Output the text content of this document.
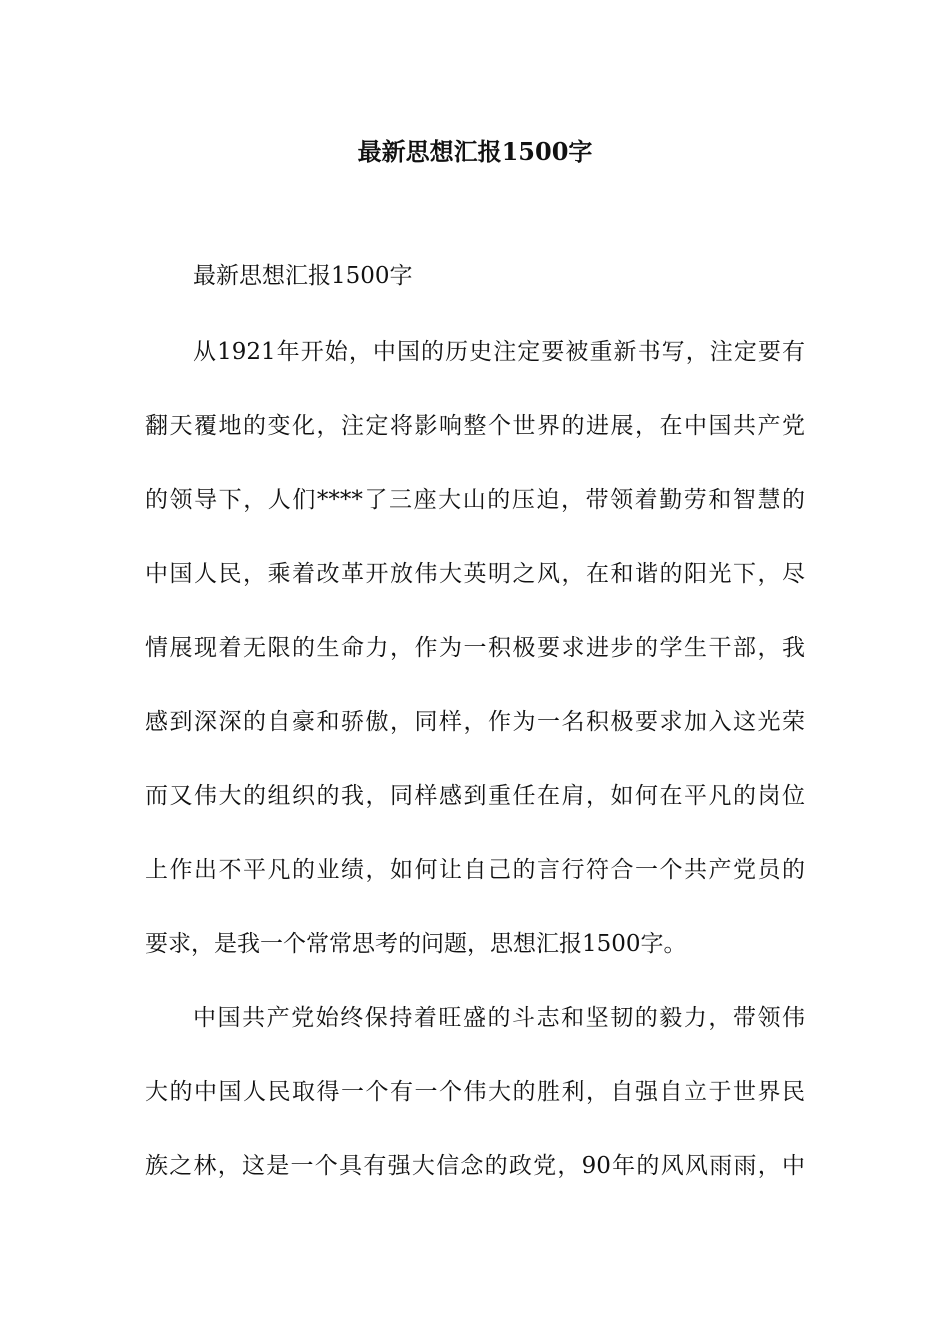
最新思想汇报1500字
最新思想汇报1500字
从1921年开始，中国的历史注定要被重新书写，注定要有
翻天覆地的变化，注定将影响整个世界的进展，在中国共产党
的领导下，人们****了三座大山的压迫，带领着勤劳和智慧的
中国人民，乘着改革开放伟大英明之风，在和谐的阳光下，尽
情展现着无限的生命力，作为一积极要求进步的学生干部，我
感到深深的自豪和骄傲，同样，作为一名积极要求加入这光荣
而又伟大的组织的我，同样感到重任在肩，如何在平凡的岗位
上作出不平凡的业绩，如何让自己的言行符合一个共产党员的
要求，是我一个常常思考的问题，思想汇报1500字。
中国共产党始终保持着旺盛的斗志和坚韧的毅力，带领伟
大的中国人民取得一个有一个伟大的胜利，自强自立于世界民
族之林，这是一个具有强大信念的政党，90年的风风雨雨，中
